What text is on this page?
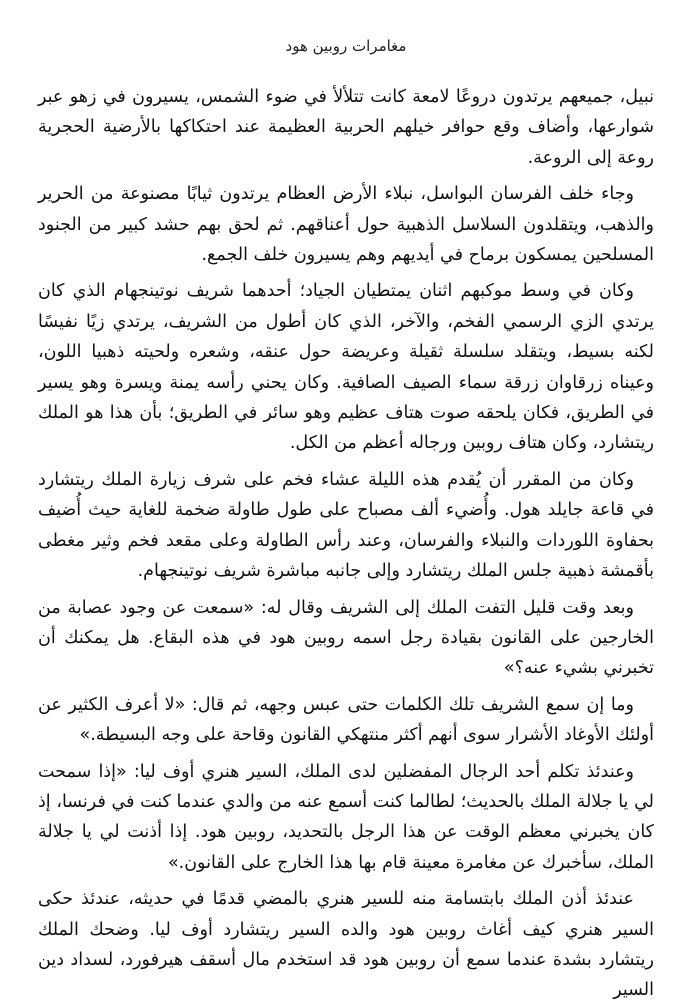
مغامرات روبين هود

نبيل، جميعهم يرتدون دروعًا لامعة كانت تتلألأ في ضوء الشمس، يسيرون في زهو عبر شوارعها، وأضاف وقع حوافر خيلهم الحربية العظيمة عند احتكاكها بالأرضية الحجرية روعة إلى الروعة.

وجاء خلف الفرسان البواسل، نبلاء الأرض العظام يرتدون ثيابًا مصنوعة من الحرير والذهب، ويتقلدون السلاسل الذهبية حول أعناقهم. ثم لحق بهم حشد كبير من الجنود المسلحين يمسكون برماح في أيديهم وهم يسيرون خلف الجمع.

وكان في وسط موكبهم اثنان يمتطيان الجياد؛ أحدهما شريف نوتينجهام الذي كان يرتدي الزي الرسمي الفخم، والآخر، الذي كان أطول من الشريف، يرتدي زيًا نفيسًا لكنه بسيط، ويتقلد سلسلة ثقيلة وعريضة حول عنقه، وشعره ولحيته ذهبيا اللون، وعيناه زرقاوان زرقة سماء الصيف الصافية. وكان يحني رأسه يمنة ويسرة وهو يسير في الطريق، فكان يلحقه صوت هتاف عظيم وهو سائر في الطريق؛ بأن هذا هو الملك ريتشارد، وكان هتاف روبين ورجاله أعظم من الكل.

وكان من المقرر أن يُقدم هذه الليلة عشاء فخم على شرف زيارة الملك ريتشارد في قاعة جايلد هول. وأُضيء ألف مصباح على طول طاولة ضخمة للغاية حيث أُضيف بحفاوة اللوردات والنبلاء والفرسان، وعند رأس الطاولة وعلى مقعد فخم وثير مغطى بأقمشة ذهبية جلس الملك ريتشارد وإلى جانبه مباشرة شريف نوتينجهام.

وبعد وقت قليل التفت الملك إلى الشريف وقال له: «سمعت عن وجود عصابة من الخارجين على القانون بقيادة رجل اسمه روبين هود في هذه البقاع. هل يمكنك أن تخبرني بشيء عنه؟»

وما إن سمع الشريف تلك الكلمات حتى عبس وجهه، ثم قال: «لا أعرف الكثير عن أولئك الأوغاد الأشرار سوى أنهم أكثر منتهكي القانون وقاحة على وجه البسيطة.»

وعندئذ تكلم أحد الرجال المفضلين لدى الملك، السير هنري أوف ليا: «إذا سمحت لي يا جلالة الملك بالحديث؛ لطالما كنت أسمع عنه من والدي عندما كنت في فرنسا، إذ كان يخبرني معظم الوقت عن هذا الرجل بالتحديد، روبين هود. إذا أذنت لي يا جلالة الملك، سأخبرك عن مغامرة معينة قام بها هذا الخارج على القانون.»

عندئذ أذن الملك بابتسامة منه للسير هنري بالمضي قدمًا في حديثه، عندئذ حكى السير هنري كيف أغاث روبين هود والده السير ريتشارد أوف ليا. وضحك الملك ريتشارد بشدة عندما سمع أن روبين هود قد استخدم مال أسقف هيرفورد، لسداد دين السير
